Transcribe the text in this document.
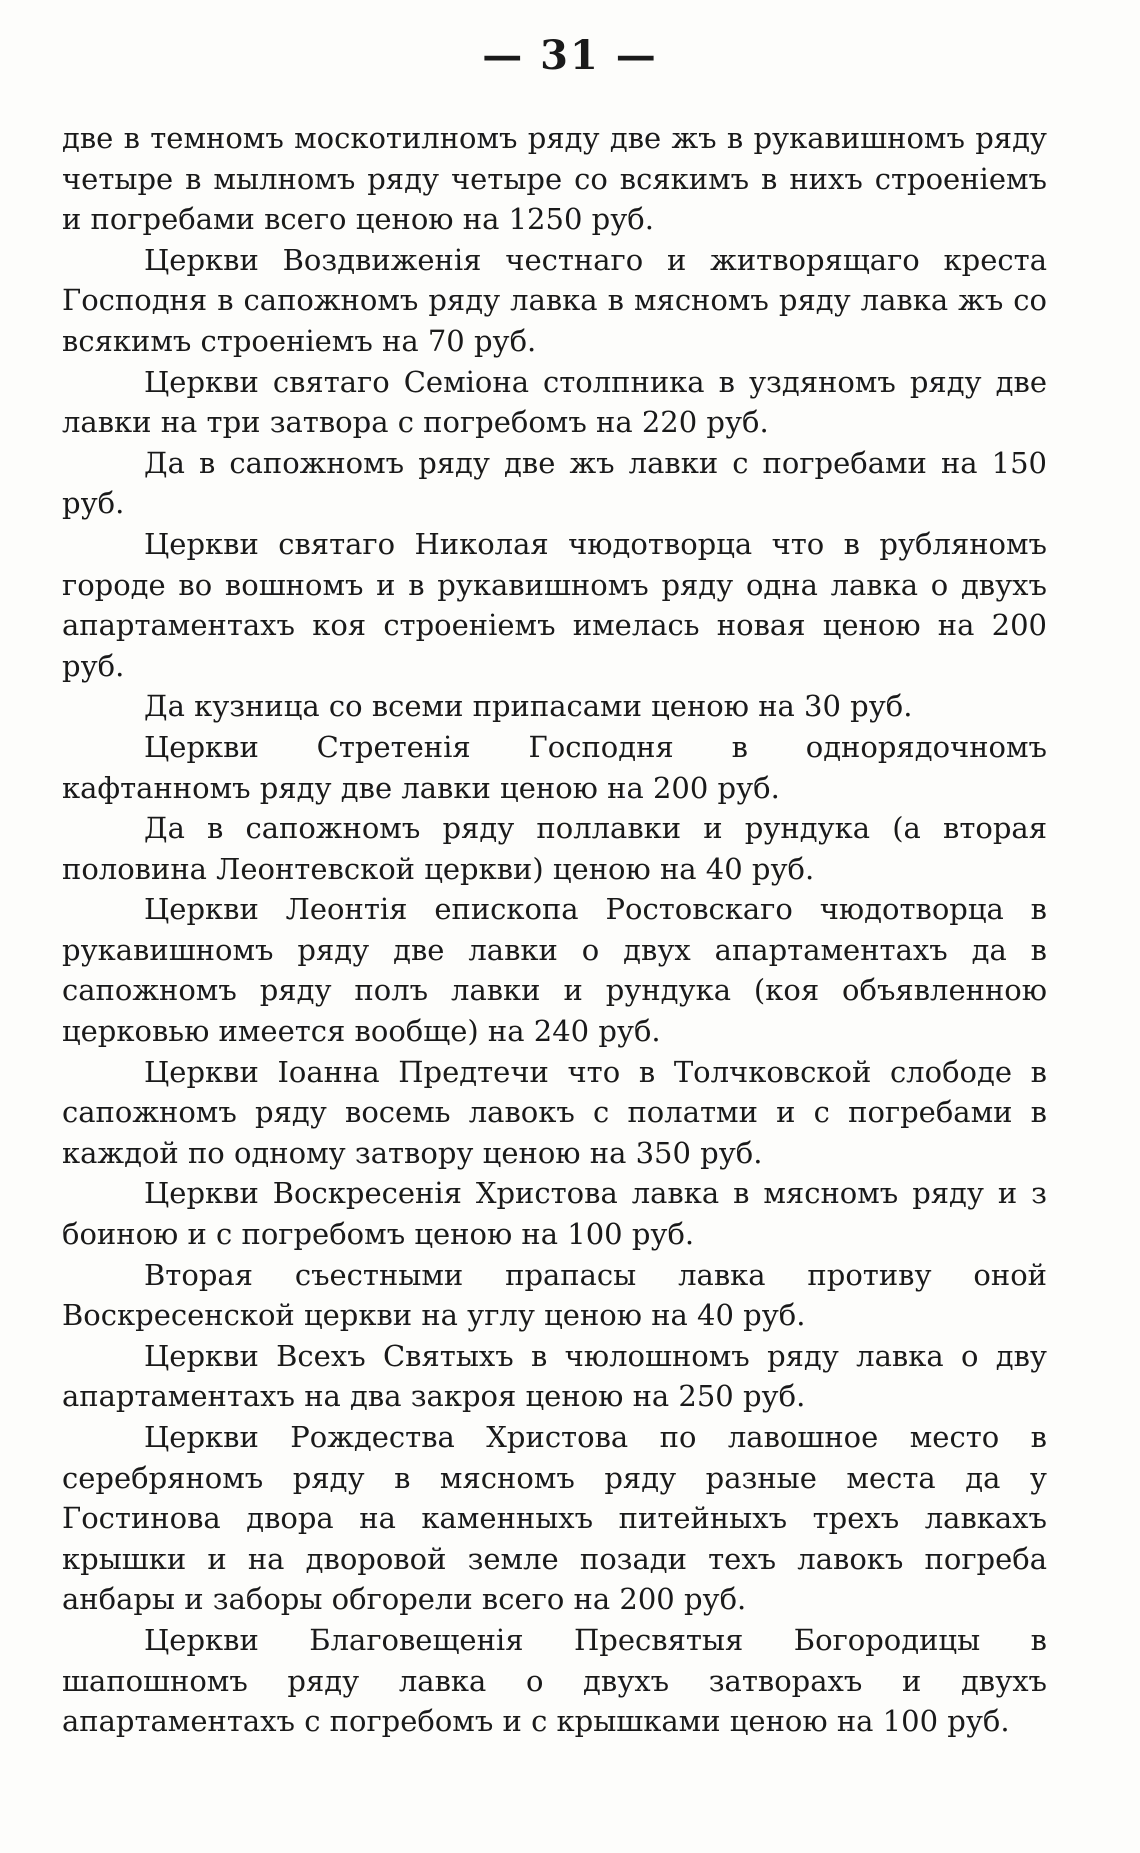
— 31 —

две в темномъ москотилномъ ряду две жъ в рукавишномъ ряду четыре в мылномъ ряду четыре со всякимъ в нихъ строеніемъ и погребами всего ценою на 1250 руб.

Церкви Воздвиженія честнаго и житворящаго креста Господня в сапожномъ ряду лавка в мясномъ ряду лавка жъ со всякимъ строеніемъ на 70 руб.

Церкви святаго Семіона столпника в уздяномъ ряду две лавки на три затвора с погребомъ на 220 руб.

Да в сапожномъ ряду две жъ лавки с погребами на 150 руб.

Церкви святаго Николая чюдотворца что в рубляномъ городе во вошномъ и в рукавишномъ ряду одна лавка о двухъ апартаментахъ коя строеніемъ имелась новая ценою на 200 руб.

Да кузница со всеми припасами ценою на 30 руб.

Церкви Стретенія Господня в однорядочномъ кафтанномъ ряду две лавки ценою на 200 руб.

Да в сапожномъ ряду поллавки и рундука (а вторая половина Леонтевской церкви) ценою на 40 руб.

Церкви Леонтія епископа Ростовскаго чюдотворца в рукавишномъ ряду две лавки о двух апартаментахъ да в сапожномъ ряду полъ лавки и рундука (коя объявленною церковью имеется вообще) на 240 руб.

Церкви Іоанна Предтечи что в Толчковской слободе в сапожномъ ряду восемь лавокъ с полатми и с погребами в каждой по одному затвору ценою на 350 руб.

Церкви Воскресенія Христова лавка в мясномъ ряду и з боиною и с погребомъ ценою на 100 руб.

Вторая съестными прапасы лавка противу оной Воскресенской церкви на углу ценою на 40 руб.

Церкви Всехъ Святыхъ в чюлошномъ ряду лавка о дву апартаментахъ на два закроя ценою на 250 руб.

Церкви Рождества Христова по лавошное место в серебряномъ ряду в мясномъ ряду разные места да у Гостинова двора на каменныхъ питейныхъ трехъ лавкахъ крышки и на дворовой земле позади техъ лавокъ погреба анбары и заборы обгорели всего на 200 руб.

Церкви Благовещенія Пресвятыя Богородицы в шапошномъ ряду лавка о двухъ затворахъ и двухъ апартаментахъ с погребомъ и с крышками ценою на 100 руб.
